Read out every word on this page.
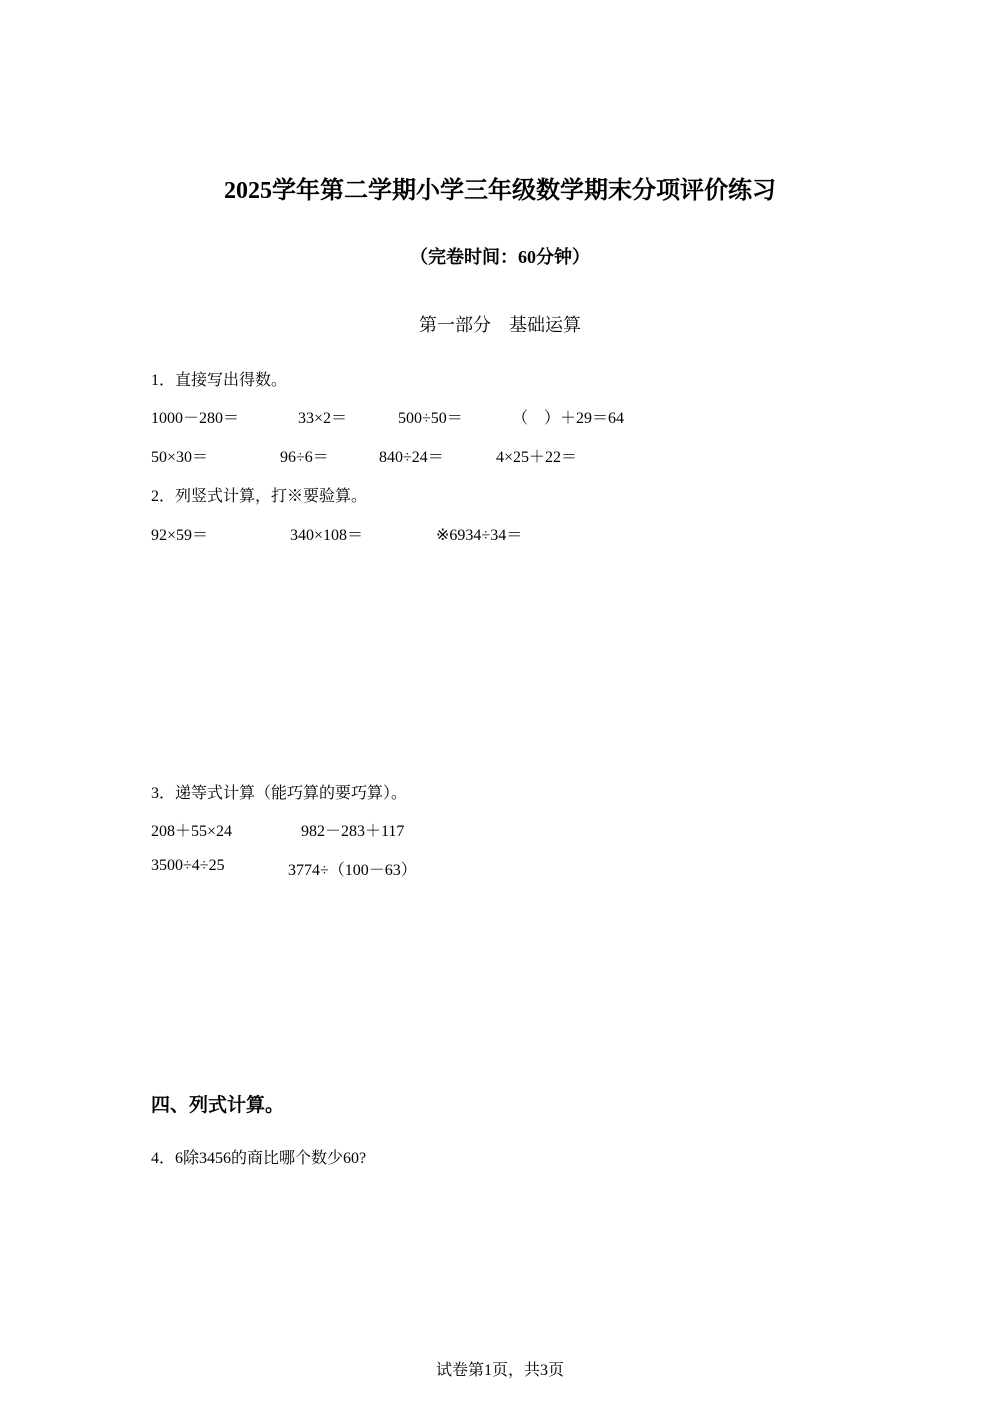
2025学年第二学期小学三年级数学期末分项评价练习
（完卷时间：60分钟）
第一部分　基础运算
1．直接写出得数。
1000－280＝	33×2＝	500÷50＝	（　）＋29＝64
50×30＝	96÷6＝	840÷24＝	4×25＋22＝
2．列竖式计算，打※要验算。
92×59＝	340×108＝	※6934÷34＝
3．递等式计算（能巧算的要巧算）。
208＋55×24	982－283＋117
3500÷4÷25	3774÷（100－63）
四、列式计算。
4．6除3456的商比哪个数少60?
试卷第1页，共3页
